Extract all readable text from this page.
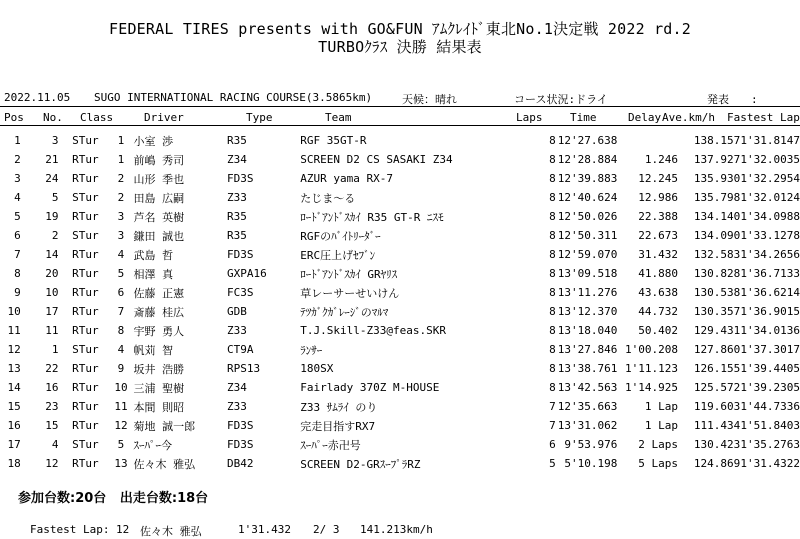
FEDERAL TIRES presents with GO&FUN ｱﾑｸﾚｲﾄﾞ東北No.1決定戦 2022 rd.2
TURBOｸﾗｽ 決勝 結果表
2022.11.05 SUGO INTERNATIONAL RACING COURSE(3.5865km)	天候：晴れ	コース状況:ドライ	発表　　:
Pos No. Class	Driver	Type	Team	Laps	Time	Delay Ave.km/h Fastest Lap
1	3		STur	1	小室 渉	R35	RGF 35GT-R		8	12'27.638		138.157	1'31.814	7
2	21		RTur	1	前嶋 秀司	Z34	SCREEN D2 CS SASAKI Z34		8	12'28.884	1.246	137.927	1'32.003	5
3	24		RTur	2	山形 季也	FD3S	AZUR yama RX-7		8	12'39.883	12.245	135.930	1'32.295	4
4	5		STur	2	田島 広嗣	Z33	たじま～る		8	12'40.624	12.986	135.798	1'32.012	4
5	19		RTur	3	芦名 英樹	R35	ﾛｰﾄﾞｱﾝﾄﾞｽｶｲ R35 GT-R ﾆｽﾓ		8	12'50.026	22.388	134.140	1'34.098	8
6	2		STur	3	鎌田 誠也	R35	RGFのﾊﾞｲﾄﾘｰﾀﾞｰ		8	12'50.311	22.673	134.090	1'33.127	8
7	14		RTur	4	武島 哲	FD3S	ERC圧上げｾﾌﾞﾝ		8	12'59.070	31.432	132.583	1'34.265	6
8	20		RTur	5	相澤 真	GXPA16	ﾛｰﾄﾞｱﾝﾄﾞｽｶｲ GRﾔﾘｽ		8	13'09.518	41.880	130.828	1'36.713	3
9	10		RTur	6	佐藤 正憲	FC3S	草レーサーせいけん		8	13'11.276	43.638	130.538	1'36.621	4
10	17		RTur	7	斎藤 桂広	GDB	ﾃﾂｶﾞｸｶﾞﾚｰｼﾞのﾏﾙﾏ		8	13'12.370	44.732	130.357	1'36.901	5
11	11		RTur	8	宇野 勇人	Z33	T.J.Skill-Z33@feas.SKR		8	13'18.040	50.402	129.431	1'34.013	6
12	1		STur	4	帆苅 智	CT9A	ﾗﾝｻｰ		8	13'27.846	1'00.208	127.860	1'37.301	7
13	22		RTur	9	坂井 浩勝	RPS13	180SX		8	13'38.761	1'11.123	126.155	1'39.440	5
14	16		RTur	10	三浦 聖樹	Z34	Fairlady 370Z M-HOUSE		8	13'42.563	1'14.925	125.572	1'39.230	5
15	23		RTur	11	本間 則昭	Z33	Z33 ｻﾑﾗｲ のり		7	12'35.663	1 Lap	119.603	1'44.733	6
16	15		RTur	12	菊地 誠一郎	FD3S	完走目指すRX7		7	13'31.062	1 Lap	111.434	1'51.840	3
17	4		STur	5	ｽｰﾊﾟｰ今	FD3S	ｽｰﾊﾟｰ赤卍号		6	9'53.976	2 Laps	130.423	1'35.276	3
18	12		RTur	13	佐々木 雅弘	DB42	SCREEN D2-GRｽｰﾌﾟﾗRZ		5	5'10.198	5 Laps	124.869	1'31.432	2
参加台数:20台 出走台数:18台
Fastest Lap: 12 佐々木 雅弘	1'31.432 2/ 3 141.213km/h
